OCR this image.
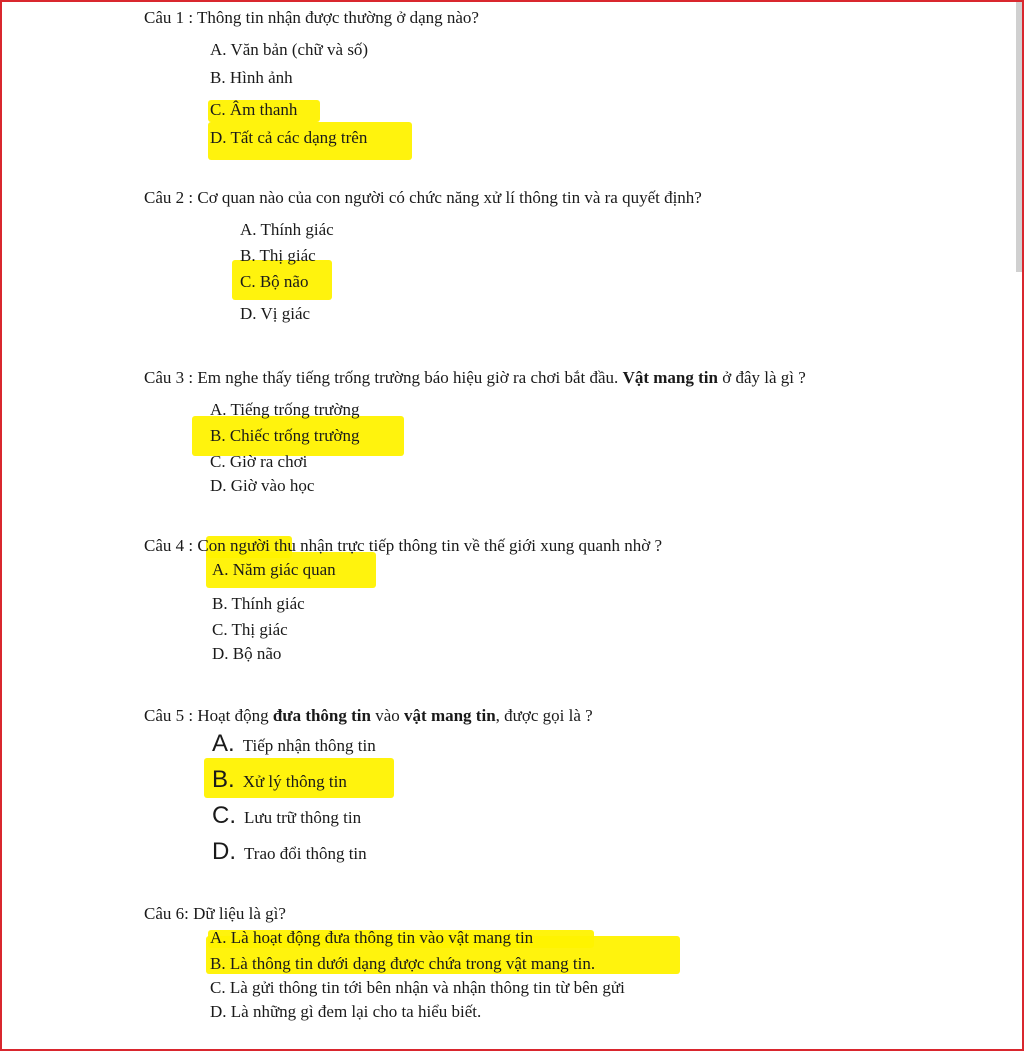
Câu 1 : Thông tin nhận được thường ở dạng nào?
A. Văn bản (chữ và số)
B. Hình ảnh
C. Âm thanh
D. Tất cả các dạng trên
Câu 2 : Cơ quan nào của con người có chức năng xử lí thông tin và ra quyết định?
A. Thính giác
B. Thị giác
C. Bộ não
D. Vị giác
Câu 3 : Em nghe thấy tiếng trống trường báo hiệu giờ ra chơi bắt đầu. Vật mang tin ở đây là gì ?
A. Tiếng trống trường
B. Chiếc trống trường
C. Giờ ra chơi
D. Giờ vào học
Câu 4 : Con người thu nhận trực tiếp thông tin về thế giới xung quanh nhờ ?
A. Năm giác quan
B. Thính giác
C. Thị giác
D. Bộ não
Câu 5 : Hoạt động đưa thông tin vào vật mang tin, được gọi là ?
A. Tiếp nhận thông tin
B. Xử lý thông tin
C. Lưu trữ thông tin
D. Trao đổi thông tin
Câu 6: Dữ liệu là gì?
A. Là hoạt động đưa thông tin vào vật mang tin
B. Là thông tin dưới dạng được chứa trong vật mang tin.
C. Là gửi thông tin tới bên nhận và nhận thông tin từ bên gửi
D. Là những gì đem lại cho ta hiểu biết.
